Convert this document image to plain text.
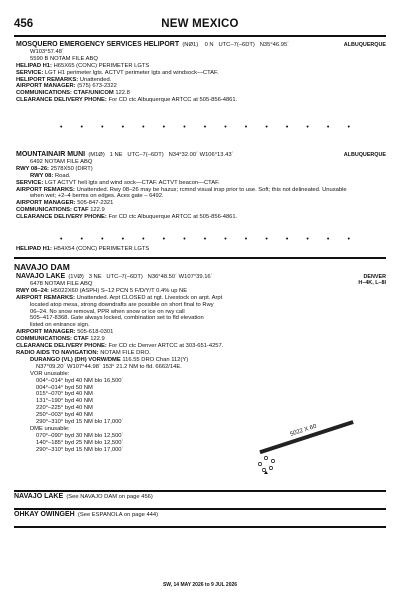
456	NEW MEXICO
ALBUQUERQUE
MOSQUERO EMERGENCY SERVICES HELIPORT (NØ1) 0 N UTC–7(–6DT) N35°46.95´
W103°57.48´
5590 B NOTAM FILE ABQ
HELIPAD H1: H65X65 (CONC) PERIMETER LGTS
SERVICE: LGT H1 perimeter lgts. ACTVT perimeter lgts and windsock—CTAF.
HELIPORT REMARKS: Unattended.
AIRPORT MANAGER: (575) 673-2322
COMMUNICATIONS: CTAF/UNICOM 122.8
CLEARANCE DELIVERY PHONE: For CD ctc Albuquerque ARTCC at 505-856-4861.
•	•	•	•	•	•	•	•	•	•	•	•	•	•	•
ALBUQUERQUE
MOUNTAINAIR MUNI (M1Ø) 1 NE UTC–7(–6DT) N34°32.00´ W106°13.43´
6492 NOTAM FILE ABQ
RWY 08–26: 2578X50 (DIRT)
RWY 08: Road.
SERVICE: LGT ACTVT heli lgts and wind sock—CTAF. ACTVT beacon—CTAF.
AIRPORT REMARKS: Unattended. Rwy 08–26 may be hazus; rcmnd visual insp prior to use. Soft; this not delineated. Unusable
when wet; +2–4 berms on edges. Aces gate – 6492.
AIRPORT MANAGER: 505-847-2321
COMMUNICATIONS: CTAF 122.9
CLEARANCE DELIVERY PHONE: For CD ctc Albuquerque ARTCC at 505-856-4861.
•	•	•	•	•	•	•	•	•	•	•	•	•	•	•
HELIPAD H1: H54X54 (CONC) PERIMETER LGTS
NAVAJO DAM
DENVER
H–4K, L–8I
NAVAJO LAKE (1VØ) 3 NE UTC–7(–6DT) N36°48.50´ W107°39.16´
6478 NOTAM FILE ABQ
RWY 06–24: H5022X60 (ASPH) S–12 PCN 5 F/D/Y/T 0.4% up NE
AIRPORT REMARKS: Unattended. Arpt CLOSED at ngt. Livestock on arpt. Arpt
located atop mesa, strong downdrafts are possible on short final to Rwy
06–24. No snow removal, PPR when snow or ice on rwy call
505–417-8368. Gate always locked, combination set to fld elevation
listed on entrance sign.
AIRPORT MANAGER: 505-618-0301
COMMUNICATIONS: CTAF 122.9
CLEARANCE DELIVERY PHONE: For CD ctc Denver ARTCC at 303-651-4257.
RADIO AIDS TO NAVIGATION: NOTAM FILE DRO.
DURANGO (VL) (DH) VORW/DME 116.55 DRO Chan 112(Y)
N37°09.20´ W107°44.98´ 153° 21.2 NM to fld. 6662/14E.
VOR unusable:
004°–014° byd 40 NM blo 16,500´
004°–014° byd 50 NM
015°–070° byd 40 NM
131°–190° byd 40 NM
220°–225° byd 40 NM
250°–003° byd 40 NM
290°–310° byd 15 NM blo 17,000´
DME unusable:
070°–090° byd 30 NM blo 12,500´
140°–185° byd 25 NM blo 12,500´
290°–310° byd 15 NM blo 17,000´
5022 X 60
NAVAJO LAKE (See NAVAJO DAM on page 456)
OHKAY OWINGEH (See ESPANOLA on page 444)
SW, 14 MAY 2026 to 9 JUL 2026
